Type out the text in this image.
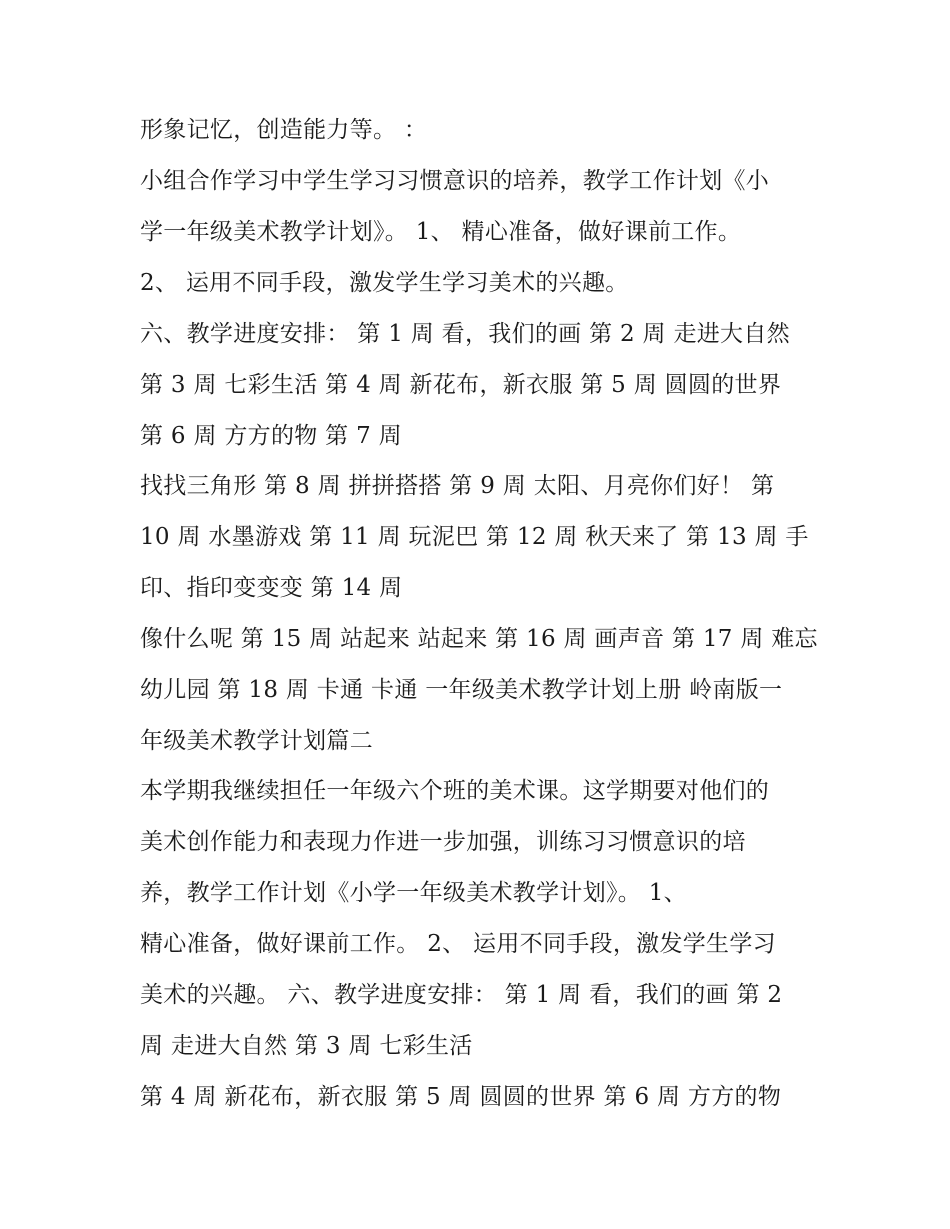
形象记忆，创造能力等。 ：
小组合作学习中学生学习习惯意识的培养，教学工作计划《小
学一年级美术教学计划》。 1、 精心准备，做好课前工作。
2、 运用不同手段，激发学生学习美术的兴趣。
六、教学进度安排： 第 1 周 看，我们的画 第 2 周 走进大自然
第 3 周 七彩生活 第 4 周 新花布，新衣服 第 5 周 圆圆的世界
第 6 周 方方的物 第 7 周
找找三角形 第 8 周 拼拼搭搭 第 9 周 太阳、月亮你们好！ 第
10 周 水墨游戏 第 11 周 玩泥巴 第 12 周 秋天来了 第 13 周 手
印、指印变变变 第 14 周
像什么呢 第 15 周 站起来 站起来 第 16 周 画声音 第 17 周 难忘
幼儿园 第 18 周 卡通 卡通 一年级美术教学计划上册 岭南版一
年级美术教学计划篇二
本学期我继续担任一年级六个班的美术课。这学期要对他们的
美术创作能力和表现力作进一步加强，训练习习惯意识的培
养，教学工作计划《小学一年级美术教学计划》。 1、
精心准备，做好课前工作。 2、 运用不同手段，激发学生学习
美术的兴趣。 六、教学进度安排： 第 1 周 看，我们的画 第 2
周 走进大自然 第 3 周 七彩生活
第 4 周 新花布，新衣服 第 5 周 圆圆的世界 第 6 周 方方的物
